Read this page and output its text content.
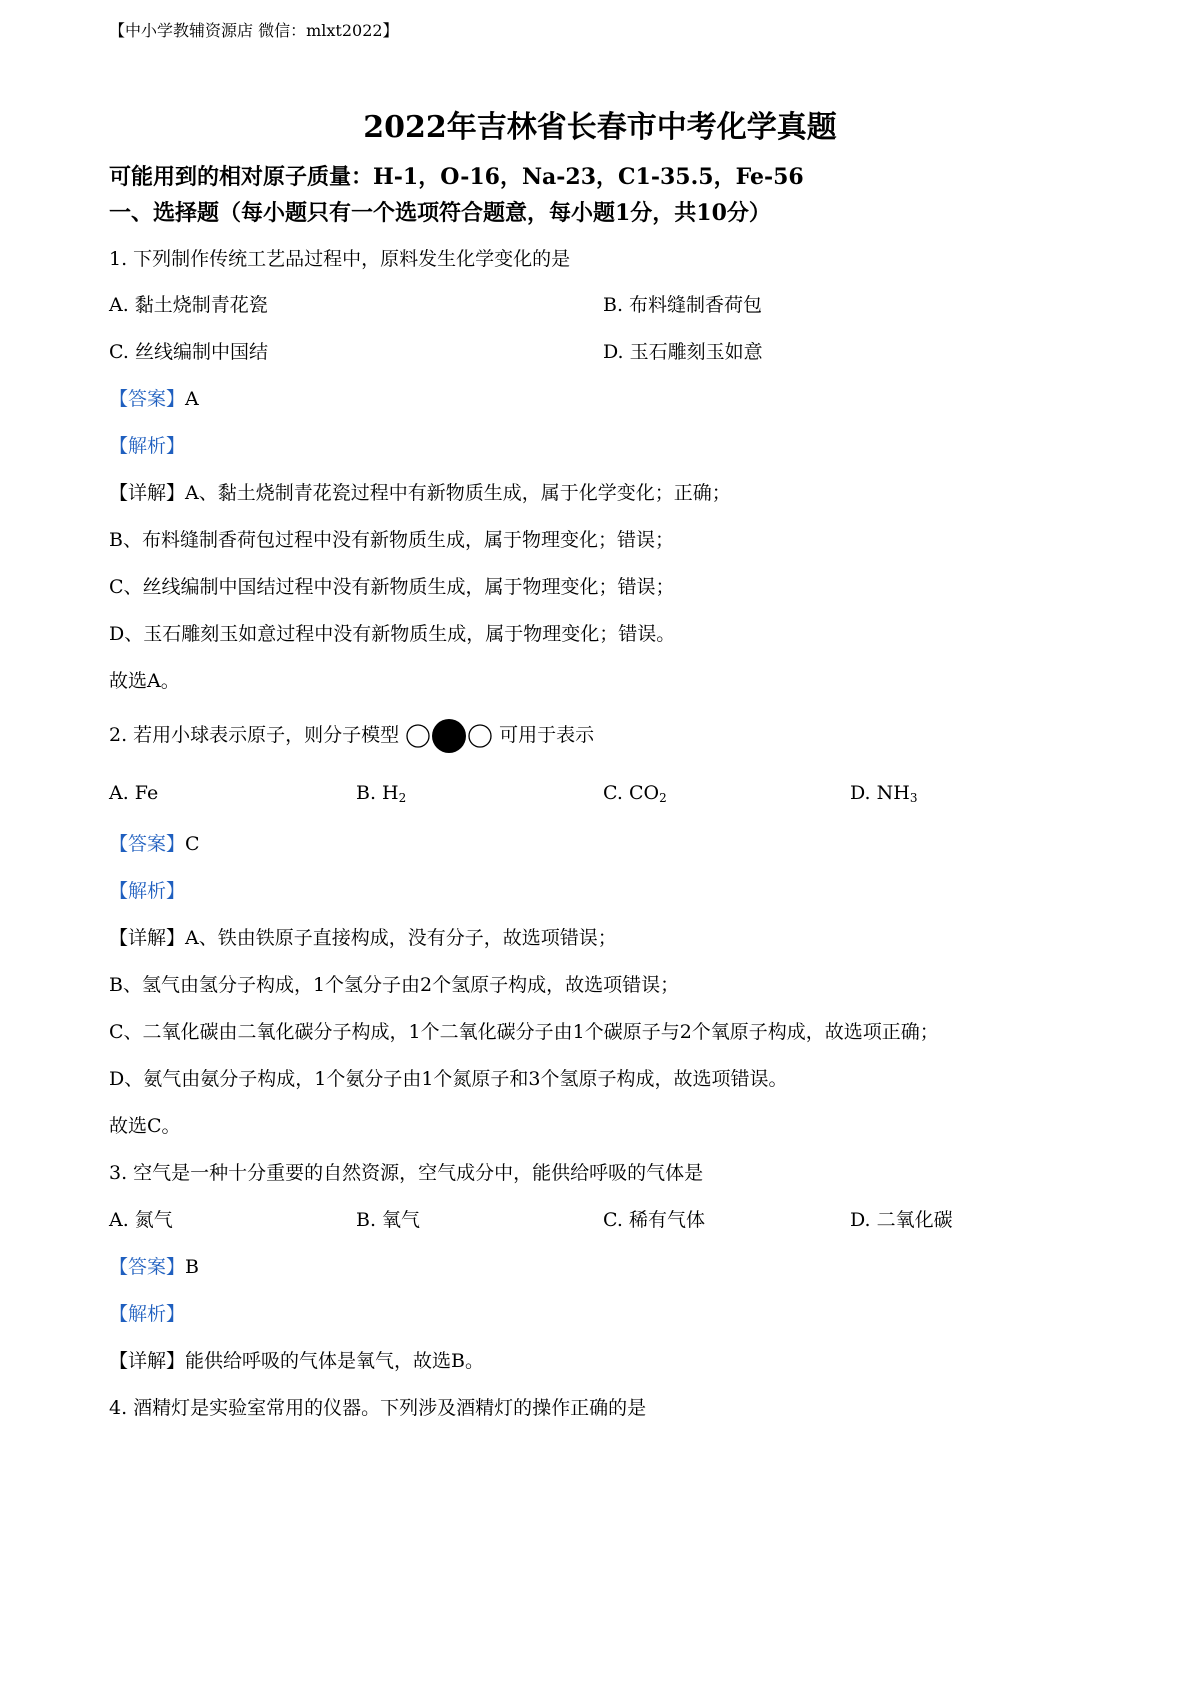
【中小学教辅资源店 微信：mlxt2022】
2022年吉林省长春市中考化学真题
可能用到的相对原子质量：H-1，O-16，Na-23，C1-35.5，Fe-56
一、选择题（每小题只有一个选项符合题意，每小题1分，共10分）
1. 下列制作传统工艺品过程中，原料发生化学变化的是
A. 黏土烧制青花瓷	B. 布料缝制香荷包
C. 丝线编制中国结	D. 玉石雕刻玉如意
【答案】A
【解析】
【详解】A、黏土烧制青花瓷过程中有新物质生成，属于化学变化；正确；
B、布料缝制香荷包过程中没有新物质生成，属于物理变化；错误；
C、丝线编制中国结过程中没有新物质生成，属于物理变化；错误；
D、玉石雕刻玉如意过程中没有新物质生成，属于物理变化；错误。
故选A。
2. 若用小球表示原子，则分子模型	可用于表示
A. Fe	B. $H_2$	C. $CO_2$	D. $NH_3$
【答案】C
【解析】
【详解】A、铁由铁原子直接构成，没有分子，故选项错误；
B、氢气由氢分子构成，1个氢分子由2个氢原子构成，故选项错误；
C、二氧化碳由二氧化碳分子构成，1个二氧化碳分子由1个碳原子与2个氧原子构成，故选项正确；
D、氨气由氨分子构成，1个氨分子由1个氮原子和3个氢原子构成，故选项错误。
故选C。
3. 空气是一种十分重要的自然资源，空气成分中，能供给呼吸的气体是
A. 氮气	B. 氧气	C. 稀有气体	D. 二氧化碳
【答案】B
【解析】
【详解】能供给呼吸的气体是氧气，故选B。
4. 酒精灯是实验室常用的仪器。下列涉及酒精灯的操作正确的是
